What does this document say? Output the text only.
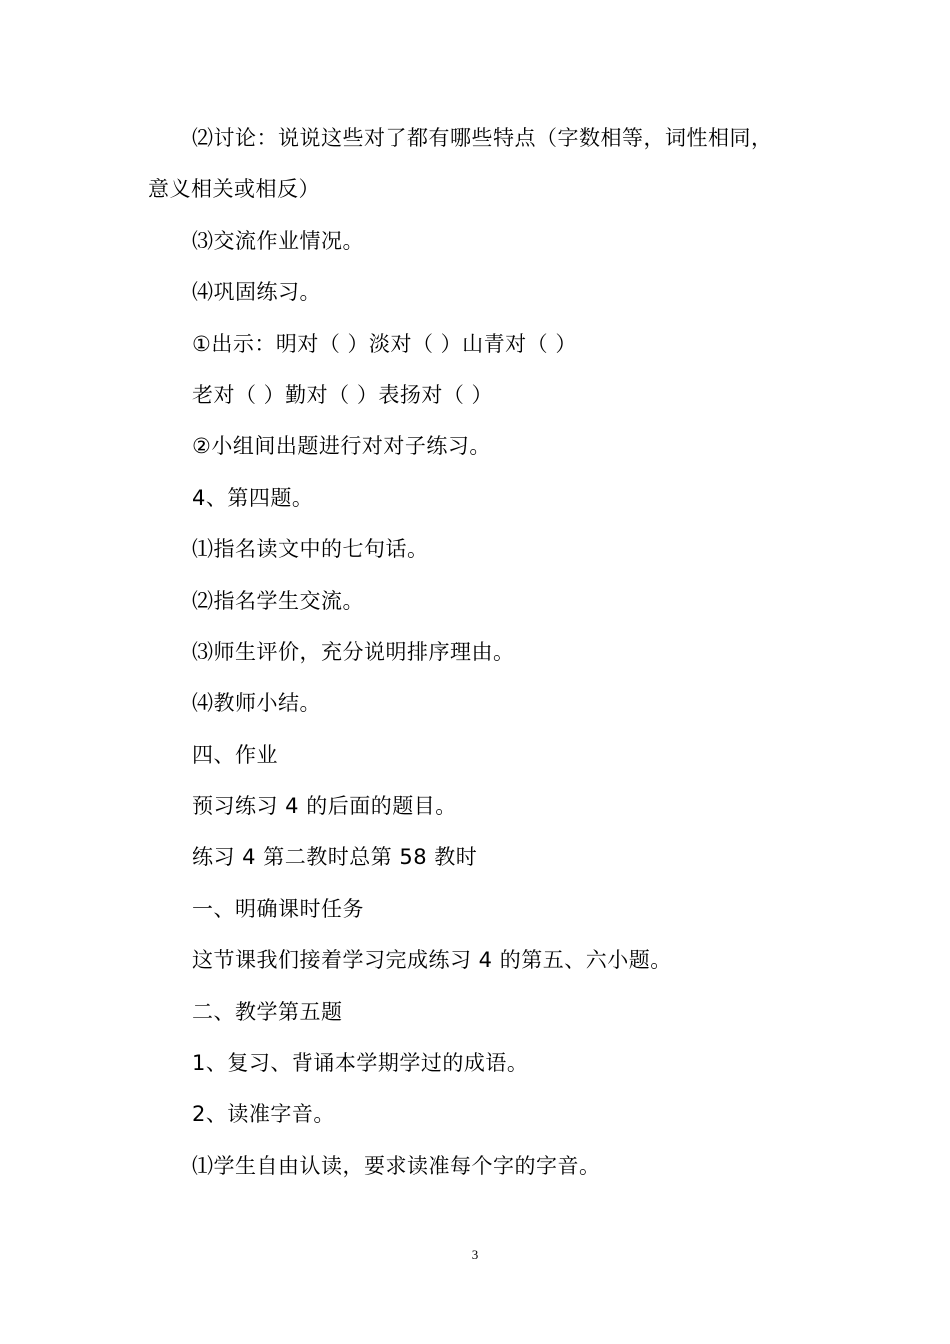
⑵讨论：说说这些对了都有哪些特点（字数相等，词性相同，
意义相关或相反）
⑶交流作业情况。
⑷巩固练习。
①出示：明对（ ）淡对（ ）山青对（ ）
老对（ ）勤对（ ）表扬对（ ）
②小组间出题进行对对子练习。
4、第四题。
⑴指名读文中的七句话。
⑵指名学生交流。
⑶师生评价，充分说明排序理由。
⑷教师小结。
四、作业
预习练习 4 的后面的题目。
练习 4 第二教时总第 58 教时
一、明确课时任务
这节课我们接着学习完成练习 4 的第五、六小题。
二、教学第五题
1、复习、背诵本学期学过的成语。
2、读准字音。
⑴学生自由认读，要求读准每个字的字音。
3
